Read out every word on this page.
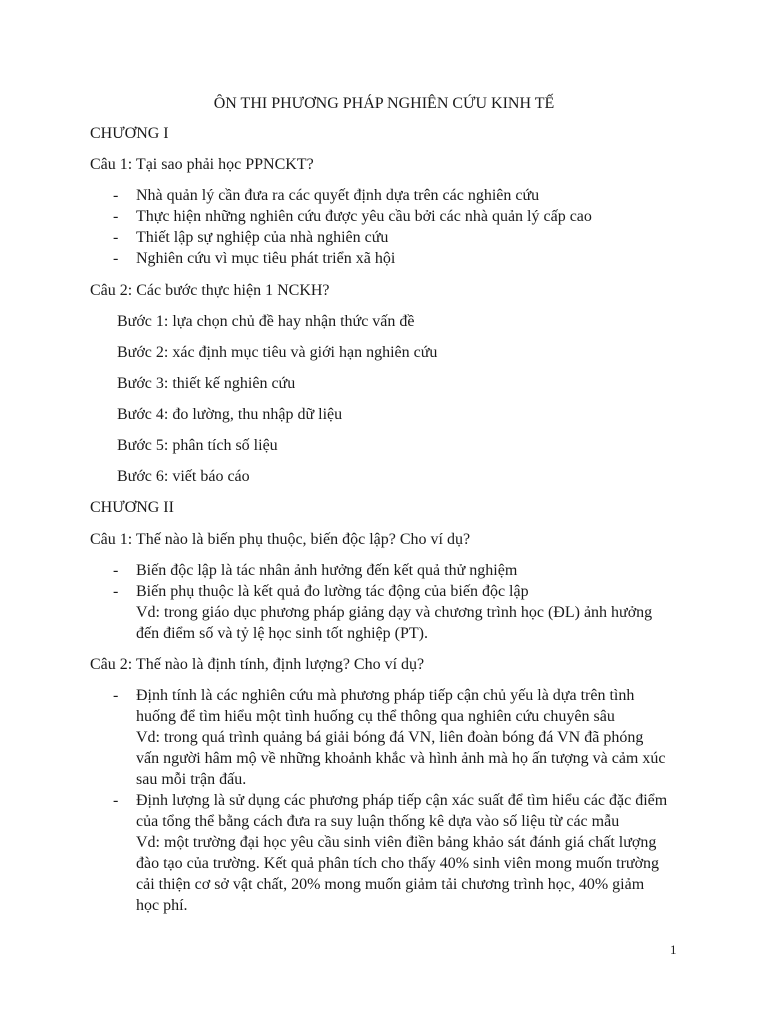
ÔN THI PHƯƠNG PHÁP NGHIÊN CỨU KINH TẾ
CHƯƠNG I
Câu 1: Tại sao phải học PPNCKT?
- Nhà quản lý cần đưa ra các quyết định dựa trên các nghiên cứu
- Thực hiện những nghiên cứu được yêu cầu bởi các nhà quản lý cấp cao
- Thiết lập sự nghiệp của nhà nghiên cứu
- Nghiên cứu vì mục tiêu phát triển xã hội
Câu 2: Các bước thực hiện 1 NCKH?
Bước 1: lựa chọn chủ đề hay nhận thức vấn đề
Bước 2: xác định mục tiêu và giới hạn nghiên cứu
Bước 3: thiết kế nghiên cứu
Bước 4: đo lường, thu nhập dữ liệu
Bước 5: phân tích số liệu
Bước 6: viết báo cáo
CHƯƠNG II
Câu 1: Thế nào là biến phụ thuộc, biến độc lập? Cho ví dụ?
- Biến độc lập là tác nhân ảnh hưởng đến kết quả thử nghiệm
- Biến phụ thuộc là kết quả đo lường tác động của biến độc lập
Vd: trong giáo dục phương pháp giảng dạy và chương trình học (ĐL) ảnh hưởng
đến điểm số và tỷ lệ học sinh tốt nghiệp (PT).
Câu 2: Thế nào là định tính, định lượng? Cho ví dụ?
- Định tính là các nghiên cứu mà phương pháp tiếp cận chủ yếu là dựa trên tình
huống để tìm hiểu một tình huống cụ thể thông qua nghiên cứu chuyên sâu
Vd: trong quá trình quảng bá giải bóng đá VN, liên đoàn bóng đá VN đã phóng
vấn người hâm mộ về những khoảnh khắc và hình ảnh mà họ ấn tượng và cảm xúc
sau mỗi trận đấu.
- Định lượng là sử dụng các phương pháp tiếp cận xác suất để tìm hiểu các đặc điểm
của tổng thể bằng cách đưa ra suy luận thống kê dựa vào số liệu từ các mẫu
Vd: một trường đại học yêu cầu sinh viên điền bảng khảo sát đánh giá chất lượng
đào tạo của trường. Kết quả phân tích cho thấy 40% sinh viên mong muốn trường
cải thiện cơ sở vật chất, 20% mong muốn giảm tải chương trình học, 40% giảm
học phí.
1
